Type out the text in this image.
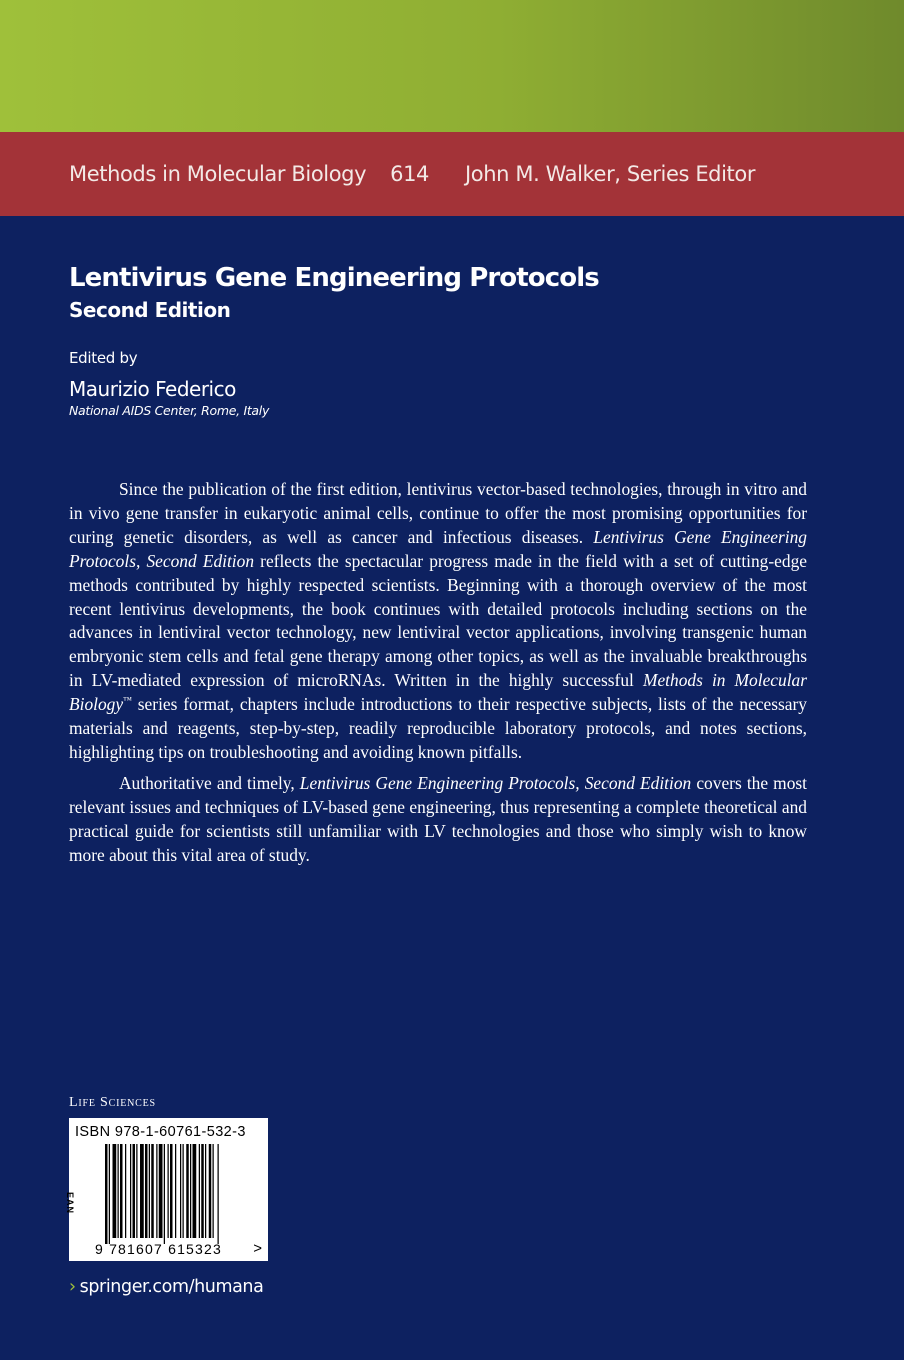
Methods in Molecular Biology 614 John M. Walker, Series Editor
Lentivirus Gene Engineering Protocols
Second Edition
Edited by
Maurizio Federico
National AIDS Center, Rome, Italy

Since the publication of the first edition, lentivirus vector-based technologies, through in vitro and in vivo gene transfer in eukaryotic animal cells, continue to offer the most promising opportunities for curing genetic disorders, as well as cancer and infectious diseases. Lentivirus Gene Engineering Protocols, Second Edition reflects the spectacular progress made in the field with a set of cutting-edge methods contributed by highly respected scientists. Beginning with a thorough overview of the most recent lentivirus developments, the book continues with detailed protocols including sections on the advances in lentiviral vector technology, new lentiviral vector applications, involving transgenic human embryonic stem cells and fetal gene therapy among other topics, as well as the invaluable breakthroughs in LV-mediated expression of microRNAs. Written in the highly successful Methods in Molecular Biology™ series format, chapters include introductions to their respective subjects, lists of the necessary materials and reagents, step-by-step, readily reproducible laboratory protocols, and notes sections, highlighting tips on troubleshooting and avoiding known pitfalls.

Authoritative and timely, Lentivirus Gene Engineering Protocols, Second Edition covers the most relevant issues and techniques of LV-based gene engineering, thus representing a complete theoretical and practical guide for scientists still unfamiliar with LV technologies and those who simply wish to know more about this vital area of study.

Life Sciences
ISBN 978-1-60761-532-3
EAN
9 781607 615323 >
› springer.com/humana
